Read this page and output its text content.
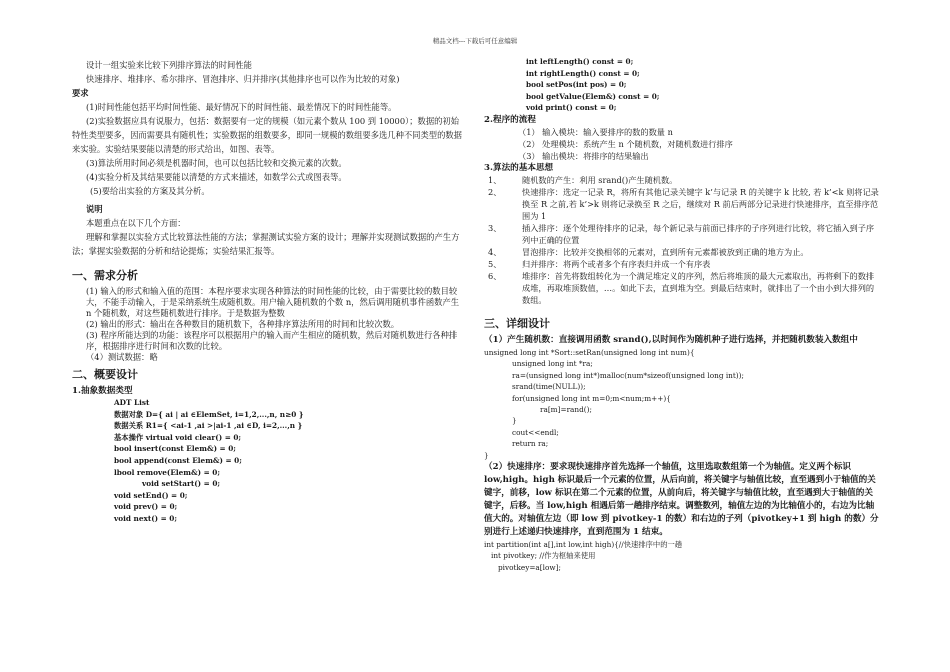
精品文档---下载后可任意编辑

设计一组实验来比较下列排序算法的时间性能

快速排序、堆排序、希尔排序、冒泡排序、归并排序(其他排序也可以作为比较的对象)

要求

(1)时间性能包括平均时间性能、最好情况下的时间性能、最差情况下的时间性能等。

(2)实验数据应具有说服力，包括：数据要有一定的规模（如元素个数从 100 到 10000）；数据的初始特性类型要多，因而需要具有随机性；实验数据的组数要多，即同一规模的数组要多选几种不同类型的数据来实验。实验结果要能以清楚的形式给出，如图、表等。

(3)算法所用时间必须是机器时间，也可以包括比较和交换元素的次数。

(4)实验分析及其结果要能以清楚的方式来描述，如数学公式或图表等。

(5)要给出实验的方案及其分析。

说明

本题重点在以下几个方面：

理解和掌握以实验方式比较算法性能的方法；掌握测试实验方案的设计；理解并实现测试数据的产生方法；掌握实验数据的分析和结论提炼；实验结果汇报等。

一、需求分析

(1) 输入的形式和输入值的范围：本程序要求实现各种算法的时间性能的比较，由于需要比较的数目较大，不能手动输入，于是采纳系统生成随机数。用户输入随机数的个数 n，然后调用随机事件函数产生 n 个随机数，对这些随机数进行排序。于是数据为整数

(2) 输出的形式：输出在各种数目的随机数下，各种排序算法所用的时间和比较次数。

(3) 程序所能达到的功能：该程序可以根据用户的输入而产生相应的随机数，然后对随机数进行各种排序，根据排序进行时间和次数的比较。

（4）测试数据：略

二、概要设计

1.抽象数据类型

ADT List

数据对象 D={ ai | ai ∈ElemSet, i=1,2,...,n, n≥0 }

数据关系 R1={ <ai-1 ,ai >|ai-1 ,ai ∈D, i=2,...,n }

基本操作 virtual void clear() = 0;

bool insert(const Elem&) = 0;

bool append(const Elem&) = 0;

lbool remove(Elem&) = 0;

void setStart() = 0;

void setEnd() = 0;

void prev() = 0;

void next() = 0;

int leftLength() const = 0;

int rightLength() const = 0;

bool setPos(int pos) = 0;

bool getValue(Elem&) const = 0;

void print() const = 0;

2.程序的流程

（1） 输入模块：输入要排序的数的数量 n

（2） 处理模块：系统产生 n 个随机数，对随机数进行排序

（3） 输出模块：将排序的结果输出

3.算法的基本思想

1、	随机数的产生：利用 srand()产生随机数。
2、	快速排序：选定一记录 R，将所有其他记录关键字 k’与记录 R 的关键字 k 比较, 若 k’<k 则将记录换至 R 之前,若 k’>k 则将记录换至 R 之后，继续对 R 前后两部分记录进行快速排序，直至排序范围为 1
3、	插入排序：逐个处理待排序的记录，每个新记录与前面已排序的子序列进行比较，将它插入到子序列中正确的位置
4、	冒泡排序：比较并交换相邻的元素对，直到所有元素都被放到正确的地方为止。
5、	归并排序：将两个或者多个有序表归并成一个有序表
6、	堆排序：首先将数组转化为一个满足堆定义的序列，然后将堆顶的最大元素取出，再将剩下的数排成堆，再取堆顶数值，…。如此下去，直到堆为空。到最后结束时，就排出了一个由小到大排列的数组。
三、详细设计

（1）产生随机数：直接调用函数 srand(),以时间作为随机种子进行选择，并把随机数装入数组中

unsigned long int *Sort::setRan(unsigned long int num){

unsigned long int *ra;

ra=(unsigned long int*)malloc(num*sizeof(unsigned long int));

srand(time(NULL));

for(unsigned long int m=0;m<num;m++){

ra[m]=rand();

}

cout<<endl;

return ra;

}

（2）快速排序：要求现快速排序首先选择一个轴值，这里选取数组第一个为轴值。定义两个标识 low,high。high 标识最后一个元素的位置，从后向前，将关键字与轴值比较，直至遇到小于轴值的关键字，前移，low 标识在第二个元素的位置，从前向后，将关键字与轴值比较，直至遇到大于轴值的关键字，后移。当 low,high 相遇后第一趟排序结束。调整数列，轴值左边的为比轴值小的，右边为比轴值大的。对轴值左边（即 low 到 pivotkey-1 的数）和右边的子列（pivotkey+1 到 high 的数）分别进行上述递归快速排序，直到范围为 1 结束。

int partition(int a[],int low,int high){//快速排序中的一趟

int pivotkey; //作为枢轴来使用

pivotkey=a[low];
